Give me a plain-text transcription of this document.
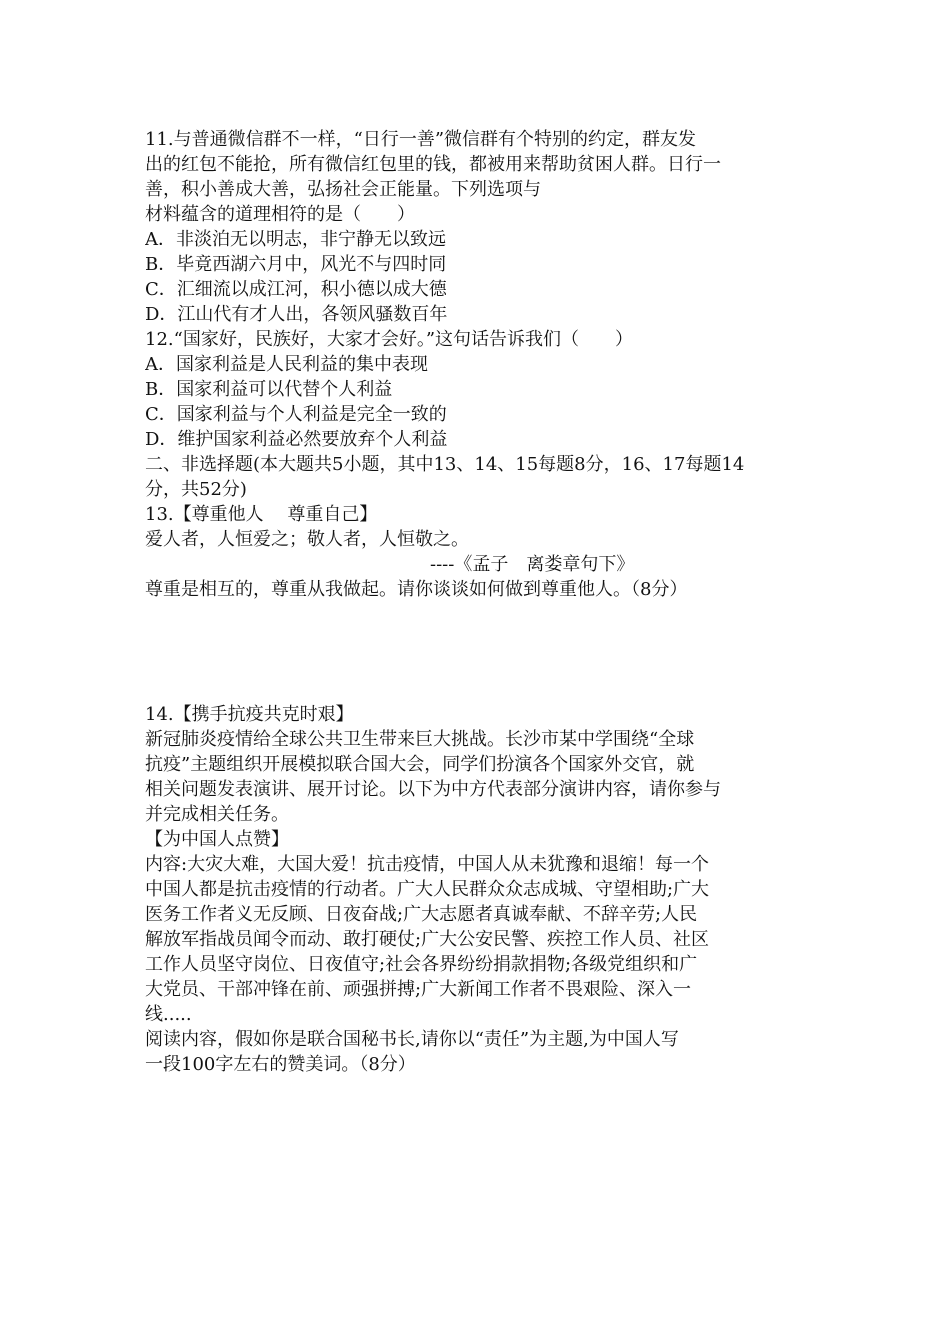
11.与普通微信群不一样，“日行一善”微信群有个特别的约定，群友发
出的红包不能抢，所有微信红包里的钱，都被用来帮助贫困人群。日行一
善，积小善成大善，弘扬社会正能量。下列选项与
材料蕴含的道理相符的是（　　）
A．非淡泊无以明志，非宁静无以致远
B．毕竟西湖六月中，风光不与四时同
C．汇细流以成江河，积小德以成大德
D．江山代有才人出，各领风骚数百年
12.“国家好，民族好，大家才会好。”这句话告诉我们（　　）
A．国家利益是人民利益的集中表现
B．国家利益可以代替个人利益
C．国家利益与个人利益是完全一致的
D．维护国家利益必然要放弃个人利益
二、非选择题(本大题共5小题，其中13、14、15每题8分，16、17每题14
分，共52分)
13.【尊重他人　 尊重自己】
爱人者，人恒爱之；敬人者，人恒敬之。
----《孟子　离娄章句下》
尊重是相互的，尊重从我做起。请你谈谈如何做到尊重他人。（8分）
14.【携手抗疫共克时艰】
新冠肺炎疫情给全球公共卫生带来巨大挑战。长沙市某中学围绕“全球
抗疫”主题组织开展模拟联合国大会，同学们扮演各个国家外交官，就
相关问题发表演讲、展开讨论。以下为中方代表部分演讲内容，请你参与
并完成相关任务。
【为中国人点赞】
内容:大灾大难，大国大爱！抗击疫情，中国人从未犹豫和退缩！每一个
中国人都是抗击疫情的行动者。广大人民群众众志成城、守望相助;广大
医务工作者义无反顾、日夜奋战;广大志愿者真诚奉献、不辞辛劳;人民
解放军指战员闻令而动、敢打硬仗;广大公安民警、疾控工作人员、社区
工作人员坚守岗位、日夜值守;社会各界纷纷捐款捐物;各级党组织和广
大党员、干部冲锋在前、顽强拼搏;广大新闻工作者不畏艰险、深入一
线.....
阅读内容，假如你是联合国秘书长,请你以“责任”为主题,为中国人写
一段100字左右的赞美词。（8分）
